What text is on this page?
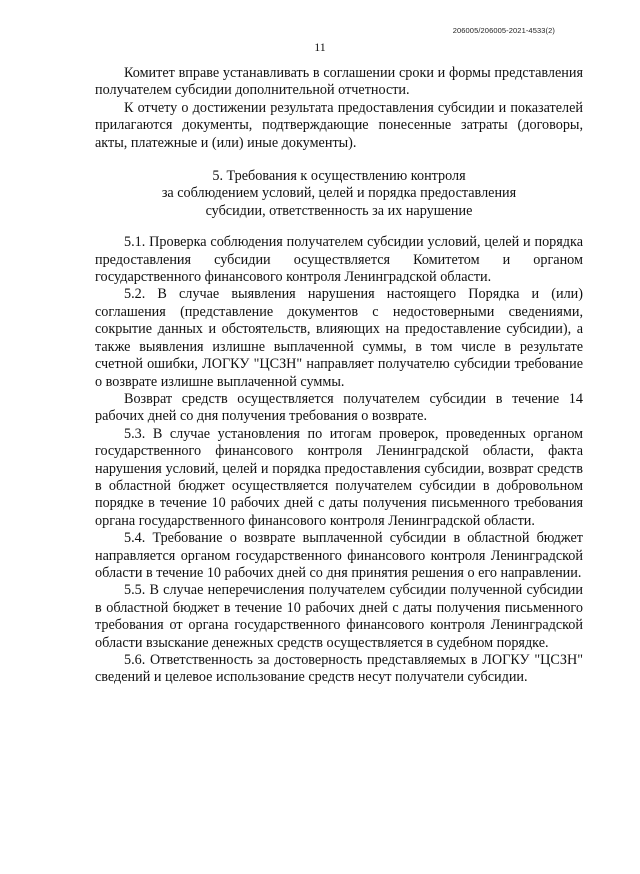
206005/206005-2021-4533(2)
11

Комитет вправе устанавливать в соглашении сроки и формы представления получателем субсидии дополнительной отчетности.

К отчету о достижении результата предоставления субсидии и показателей прилагаются документы, подтверждающие понесенные затраты (договоры, акты, платежные и (или) иные документы).

5. Требования к осуществлению контроля
за соблюдением условий, целей и порядка предоставления
субсидии, ответственность за их нарушение

5.1. Проверка соблюдения получателем субсидии условий, целей и порядка предоставления субсидии осуществляется Комитетом и органом государственного финансового контроля Ленинградской области.

5.2. В случае выявления нарушения настоящего Порядка и (или) соглашения (представление документов с недостоверными сведениями, сокрытие данных и обстоятельств, влияющих на предоставление субсидии), а также выявления излишне выплаченной суммы, в том числе в результате счетной ошибки, ЛОГКУ "ЦСЗН" направляет получателю субсидии требование о возврате излишне выплаченной суммы.

Возврат средств осуществляется получателем субсидии в течение 14 рабочих дней со дня получения требования о возврате.

5.3. В случае установления по итогам проверок, проведенных органом государственного финансового контроля Ленинградской области, факта нарушения условий, целей и порядка предоставления субсидии, возврат средств в областной бюджет осуществляется получателем субсидии в добровольном порядке в течение 10 рабочих дней с даты получения письменного требования органа государственного финансового контроля Ленинградской области.

5.4. Требование о возврате выплаченной субсидии в областной бюджет направляется органом государственного финансового контроля Ленинградской области в течение 10 рабочих дней со дня принятия решения о его направлении.

5.5. В случае неперечисления получателем субсидии полученной субсидии в областной бюджет в течение 10 рабочих дней с даты получения письменного требования от органа государственного финансового контроля Ленинградской области взыскание денежных средств осуществляется в судебном порядке.

5.6. Ответственность за достоверность представляемых в ЛОГКУ "ЦСЗН" сведений и целевое использование средств несут получатели субсидии.
